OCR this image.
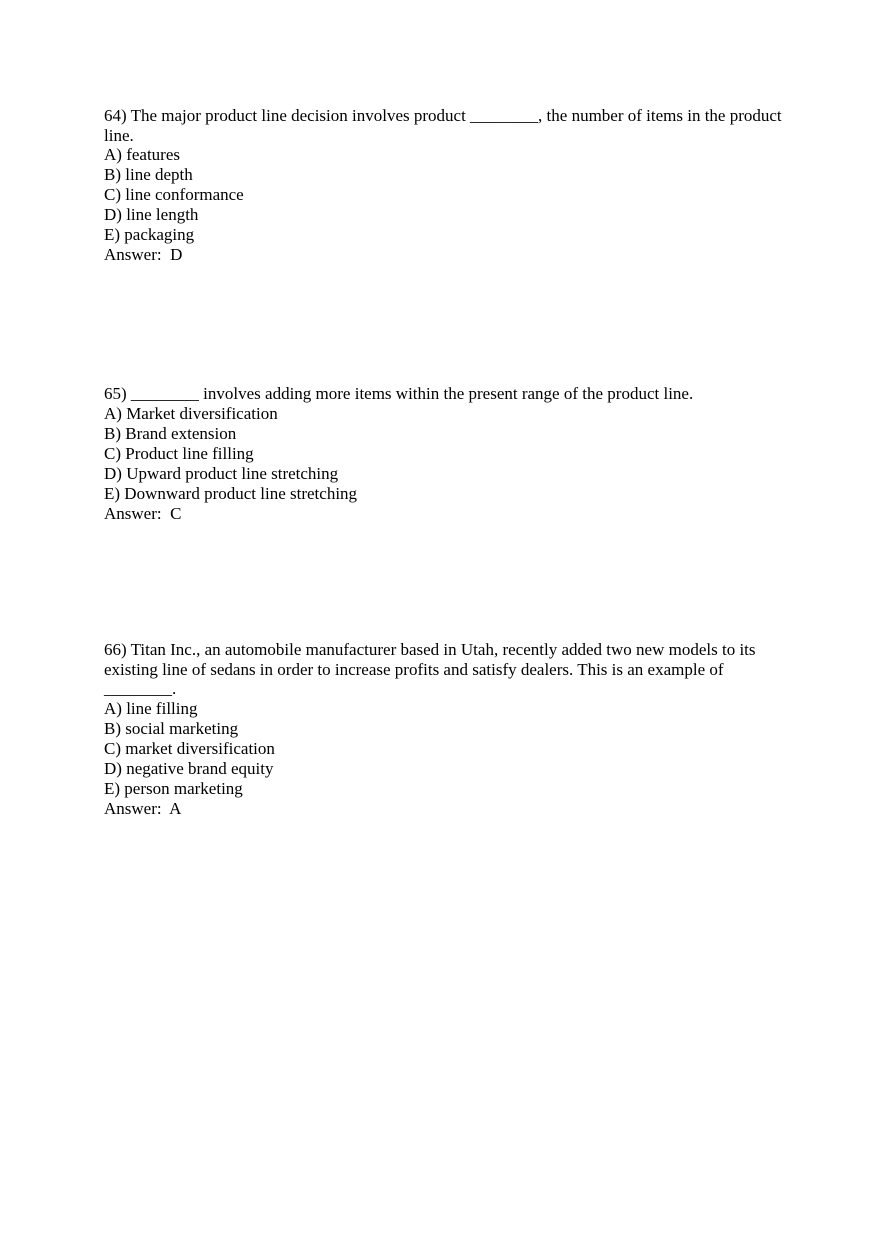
64) The major product line decision involves product ________, the number of items in the product line.
A) features
B) line depth
C) line conformance
D) line length
E) packaging
Answer:  D
65) ________ involves adding more items within the present range of the product line.
A) Market diversification
B) Brand extension
C) Product line filling
D) Upward product line stretching
E) Downward product line stretching
Answer:  C
66) Titan Inc., an automobile manufacturer based in Utah, recently added two new models to its existing line of sedans in order to increase profits and satisfy dealers. This is an example of ________.
A) line filling
B) social marketing
C) market diversification
D) negative brand equity
E) person marketing
Answer:  A
